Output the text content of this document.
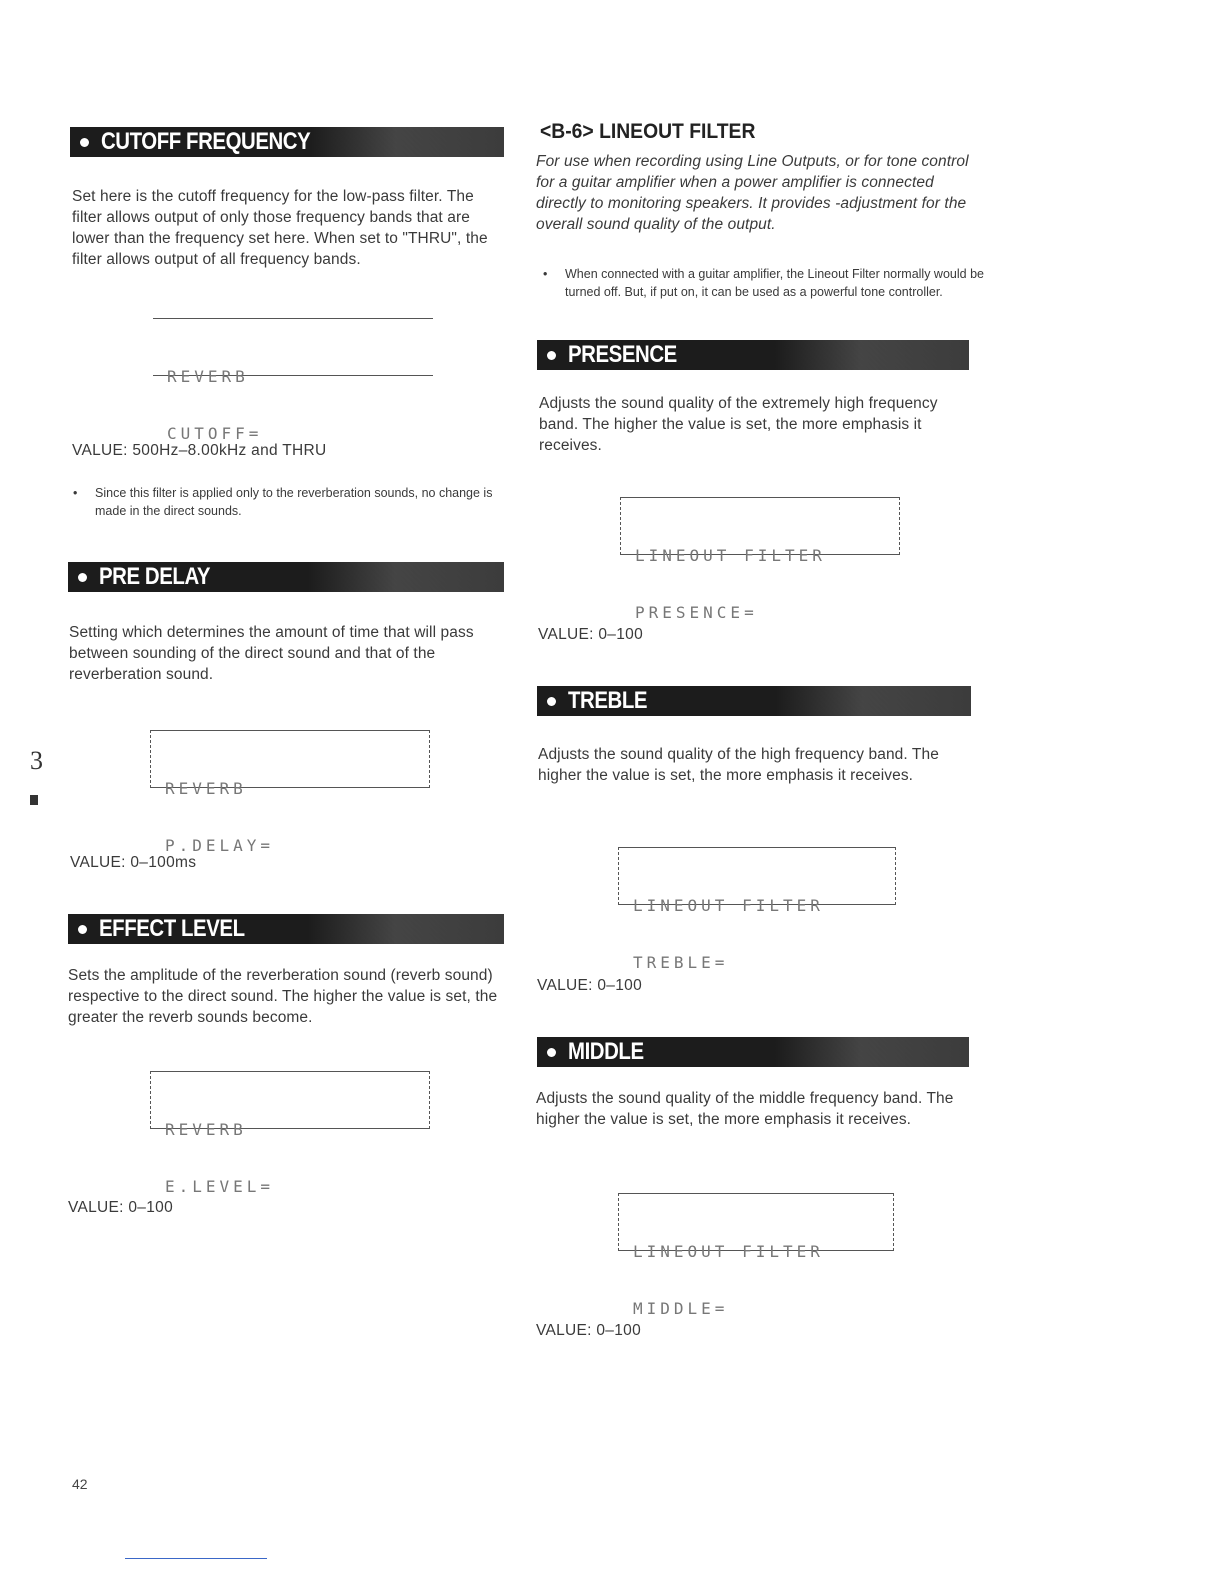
CUTOFF FREQUENCY
Set here is the cutoff frequency for the low-pass filter. The filter allows output of only those frequency bands that are lower than the frequency set here. When set to "THRU", the filter allows output of all frequency bands.

REVERB

CUTOFF=

VALUE: 500Hz–8.00kHz and THRU
• Since this filter is applied only to the reverberation sounds, no change is made in the direct sounds.
PRE DELAY
Setting which determines the amount of time that will pass between sounding of the direct sound and that of the reverberation sound.

REVERB

P.DELAY=

VALUE: 0–100ms
EFFECT LEVEL
Sets the amplitude of the reverberation sound (reverb sound) respective to the direct sound. The higher the value is set, the greater the reverb sounds become.

REVERB

E.LEVEL=

VALUE: 0–100
42
3
<B-6> LINEOUT FILTER
For use when recording using Line Outputs, or for tone control for a guitar amplifier when a power amplifier is connected directly to monitoring speakers. It provides -adjustment for the overall sound quality of the output.
• When connected with a guitar amplifier, the Lineout Filter normally would be turned off. But, if put on, it can be used as a powerful tone controller.
PRESENCE
Adjusts the sound quality of the extremely high frequency band. The higher the value is set, the more emphasis it receives.

LINEOUT FILTER

PRESENCE=

VALUE: 0–100
TREBLE
Adjusts the sound quality of the high frequency band. The higher the value is set, the more emphasis it receives.

LINEOUT FILTER

TREBLE=

VALUE: 0–100
MIDDLE
Adjusts the sound quality of the middle frequency band. The higher the value is set, the more emphasis it receives.

LINEOUT FILTER

MIDDLE=

VALUE: 0–100
